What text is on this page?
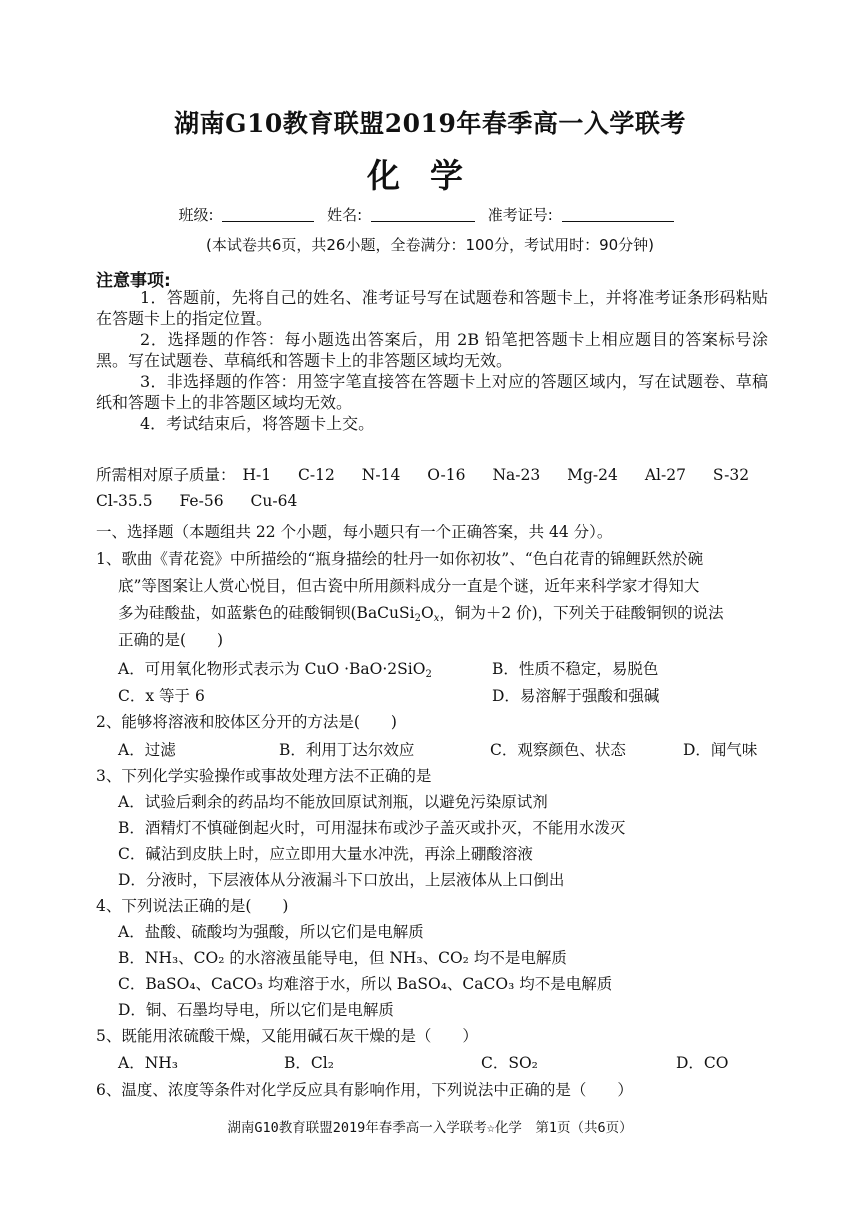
湖南G10教育联盟2019年春季高一入学联考
化学
班级:	姓名:	准考证号:
(本试卷共6页，共26小题，全卷满分：100分，考试用时：90分钟)
注意事项:
1．答题前，先将自己的姓名、准考证号写在试题卷和答题卡上，并将准考证条形码粘贴在答题卡上的指定位置。
2．选择题的作答：每小题选出答案后，用 2B 铅笔把答题卡上相应题目的答案标号涂黑。写在试题卷、草稿纸和答题卡上的非答题区域均无效。
3．非选择题的作答：用签字笔直接答在答题卡上对应的答题区域内，写在试题卷、草稿纸和答题卡上的非答题区域均无效。
4．考试结束后，将答题卡上交。
所需相对原子质量： H-1 C-12 N-14 O-16 Na-23 Mg-24 Al-27 S-32
Cl-35.5 Fe-56 Cu-64
一、选择题（本题组共 22 个小题，每小题只有一个正确答案，共 44 分）。
1、歌曲《青花瓷》中所描绘的“瓶身描绘的牡丹一如你初妆”、“色白花青的锦鲤跃然於碗
底”等图案让人赏心悦目，但古瓷中所用颜料成分一直是个谜，近年来科学家才得知大
多为硅酸盐，如蓝紫色的硅酸铜钡($BaCuSi_2O_x$，铜为＋2 价)，下列关于硅酸铜钡的说法
正确的是(　　)
A．可用氧化物形式表示为 CuO ·BaO·2SiO$_2$	B．性质不稳定，易脱色
C．x 等于 6	D．易溶解于强酸和强碱
2、能够将溶液和胶体区分开的方法是(　　)
A．过滤	B．利用丁达尔效应	C．观察颜色、状态	D．闻气味
3、下列化学实验操作或事故处理方法不正确的是
A．试验后剩余的药品均不能放回原试剂瓶，以避免污染原试剂
B．酒精灯不慎碰倒起火时，可用湿抹布或沙子盖灭或扑灭，不能用水泼灭
C．碱沾到皮肤上时，应立即用大量水冲洗，再涂上硼酸溶液
D．分液时，下层液体从分液漏斗下口放出，上层液体从上口倒出
4、下列说法正确的是(　　)
A．盐酸、硫酸均为强酸，所以它们是电解质
B．NH₃、CO₂ 的水溶液虽能导电，但 NH₃、CO₂ 均不是电解质
C．BaSO₄、CaCO₃ 均难溶于水，所以 BaSO₄、CaCO₃ 均不是电解质
D．铜、石墨均导电，所以它们是电解质
5、既能用浓硫酸干燥，又能用碱石灰干燥的是（　　）
A．NH₃	B．Cl₂	C．SO₂	D．CO
6、温度、浓度等条件对化学反应具有影响作用，下列说法中正确的是（　　）
湖南G10教育联盟2019年春季高一入学联考☆化学　第1页（共6页）
